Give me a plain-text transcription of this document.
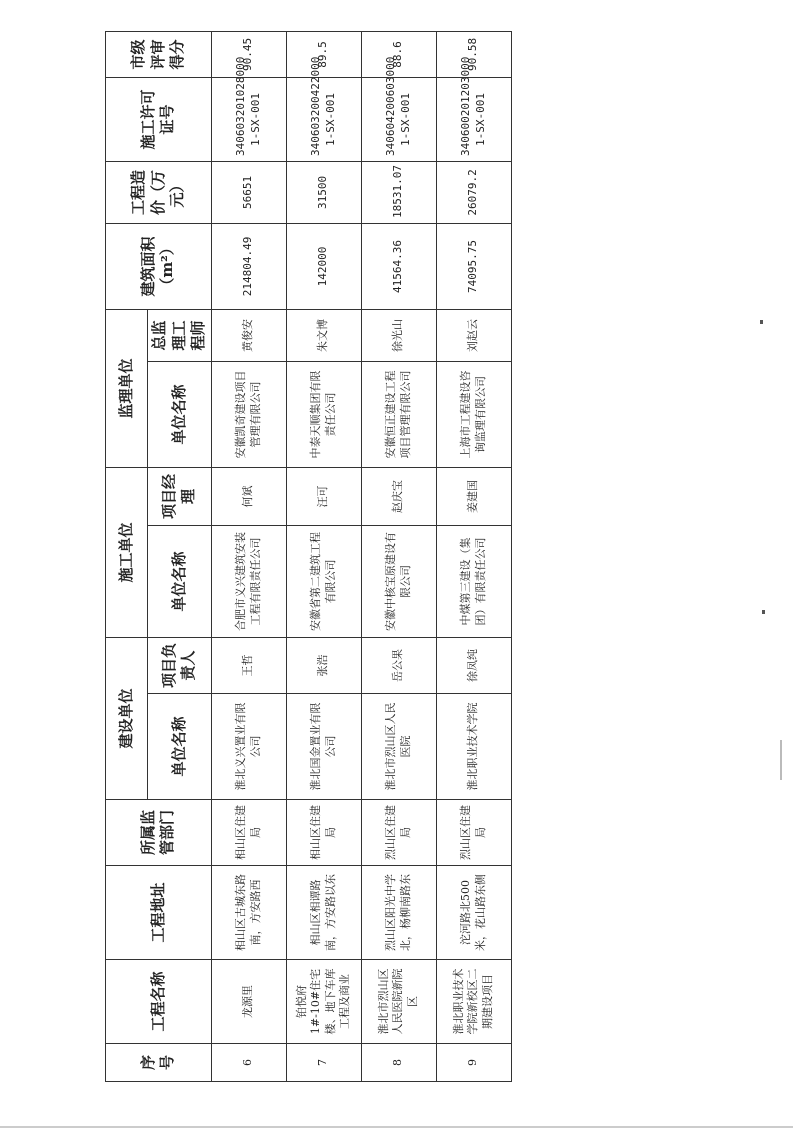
序号	工程名称	工程地址	所属监管部门	建设单位		施工单位		监理单位		建筑面积（m²）	工程造价（万元）	施工许可证号	市级评审得分
				单位名称	项目负责人	单位名称	项目经理	单位名称	总监理工程师				
6	龙源里	相山区古城东路南，方安路西	相山区住建局	淮北义兴置业有限公司	王哲	合肥市义兴建筑安装工程有限责任公司	何斌	安徽凯奇建设项目管理有限公司	黄俊安	214804.49	56651	340603201028000 1-SX-001	90.45
7	铂悦府1#-10#住宅楼、地下车库工程及商业	相山区相谭路南，方安路以东	相山区住建局	淮北国金置业有限公司	张浩	安徽省第二建筑工程有限公司	汪可	中泰天顺集团有限责任公司	朱文博	142000	31500	340603200422000 1-SX-001	89.5
8	淮北市烈山区人民医院新院区	烈山区阳光中学北，杨柳南路东	烈山区住建局	淮北市烈山区人民医院	岳公果	安徽中核宝原建设有限公司	赵庆宝	安徽恒正建设工程项目管理有限公司	徐光山	41564.36	18531.07	340604200603000 1-SX-001	88.6
9	淮北职业技术学院新校区二期建设项目	沱河路北500米，花山路东侧	烈山区住建局	淮北职业技术学院	徐凤纯	中煤第三建设（集团）有限责任公司	姜建国	上海市工程建设咨询监理有限公司	刘赵云	74095.75	26079.2	340600201203000 1-SX-001	90.58
